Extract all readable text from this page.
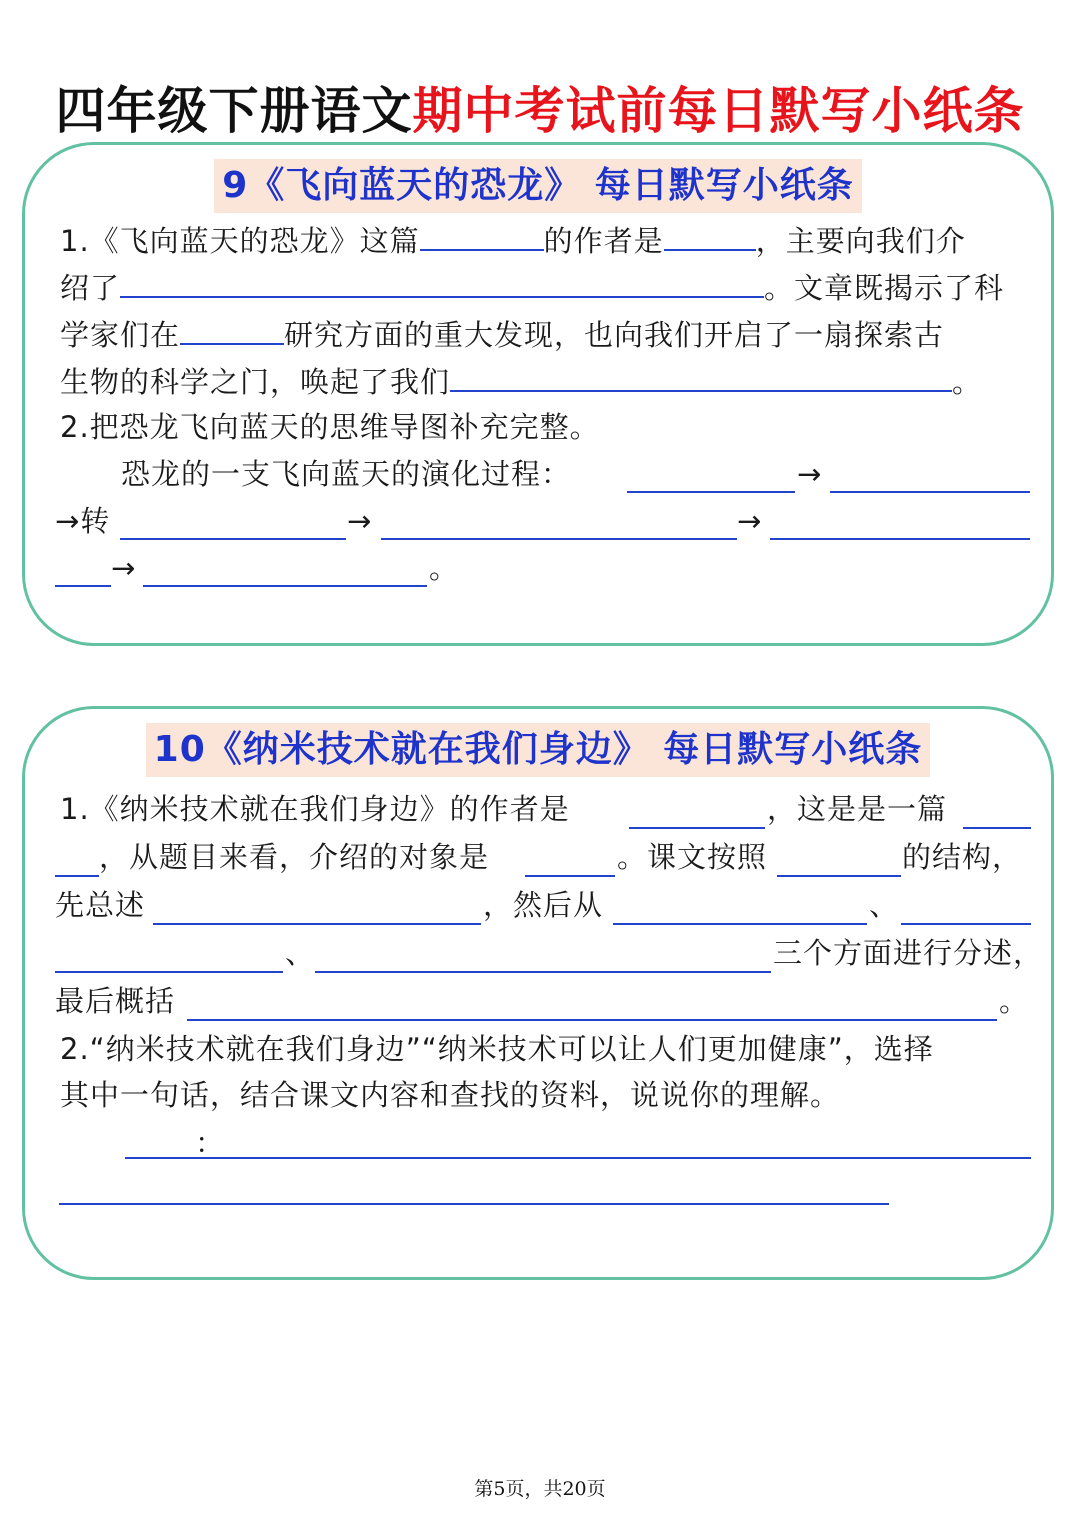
四年级下册语文期中考试前每日默写小纸条
9《飞向蓝天的恐龙》 每日默写小纸条
1.《飞向蓝天的恐龙》这篇	的作者是	，主要向我们介
绍了	。文章既揭示了科
学家们在	研究方面的重大发现，也向我们开启了一扇探索古
生物的科学之门，唤起了我们	。
2.把恐龙飞向蓝天的思维导图补充完整。
恐龙的一支飞向蓝天的演化过程：	→
→转	→	→
→	。
10《纳米技术就在我们身边》 每日默写小纸条
1.《纳米技术就在我们身边》的作者是	，这是是一篇
，从题目来看，介绍的对象是	。课文按照	的结构，
先总述	，然后从	、
、	三个方面进行分述，
最后概括	。
2.“纳米技术就在我们身边”“纳米技术可以让人们更加健康”，选择
其中一句话，结合课文内容和查找的资料，说说你的理解。
：
第5页，共20页
